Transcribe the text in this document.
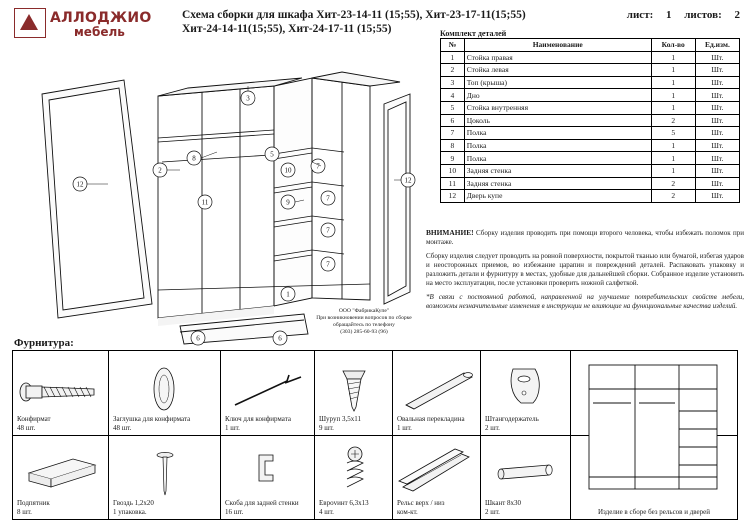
АЛЛОДЖИО
мебель
Схема сборки для шкафа Хит-23-14-11 (15;55), Хит-23-17-11(15;55)
Хит-24-14-11(15;55), Хит-24-17-11 (15;55)
лист: 1 листов: 2
Комплект деталей
№	Наименование	Кол-во	Ед.изм.
1	Стойка правая	1	Шт.
2	Стойка левая	1	Шт.
3	Топ (крыша)	1	Шт.
4	Дно	1	Шт.
5	Стойка внутренняя	1	Шт.
6	Цоколь	2	Шт.
7	Полка	5	Шт.
8	Полка	1	Шт.
9	Полка	1	Шт.
10	Задняя стенка	1	Шт.
11	Задняя стенка	2	Шт.
12	Дверь купе	2	Шт.

ВНИМАНИЕ! Сборку изделия проводить при помощи второго человека, чтобы избежать поломок при монтаже.

Сборку изделия следует проводить на ровной поверхности, покрытой тканью или бумагой, избегая ударов и неосторожных приемов, во избежание царапин и повреждений деталей. Распаковать упаковку и разложить детали и фурнитуру в местах, удобные для дальнейшей сборки. Собранное изделие установить на место эксплуатации, после установки проверить ножной салфеткой.

*В связи с постоянной работой, направленной на улучшение потребительских свойств мебели, возможны незначительные изменения в инструкции не влияющие на функциональные качества изделий.

3
12	12
2
8
11
10	7
9	7
7
7
1
6	6
5
ООО "ФабрикаКупе"
При возникновении вопросов по сборке
обращайтесь по телефону
(303) 285-60-93 (96)
Фурнитура:
Конфирмат
48 шт.
Заглушка для конфирмата
48 шт.
Ключ для конфирмата
1 шт.
Шуруп 3,5х11
9 шт.
Овальная перекладина
1 шт.
Штангодержатель
2 шт.
Изделие в сборе без рельсов и дверей
Подпятник
8 шт.
Гвоздь 1,2х20
1 упаковка.
Скоба для задней стенки
16 шт.
Еврovинт 6,3х13
4 шт.
Рельс верх / низ
ком-кт.
Шкант 8х30
2 шт.
